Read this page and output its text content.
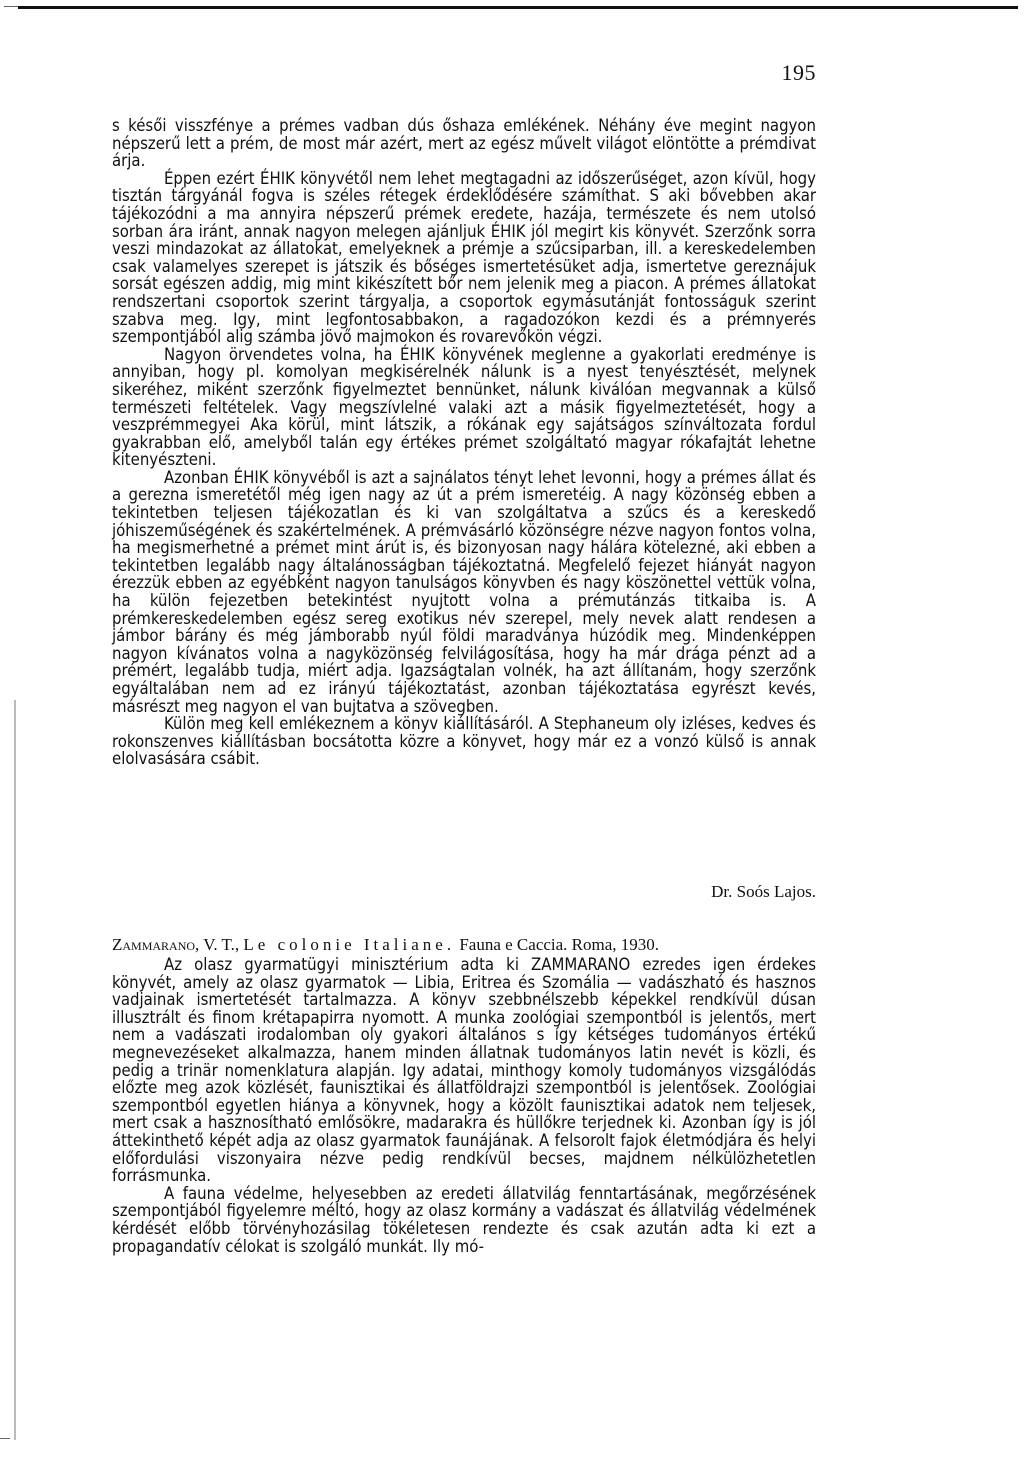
195

s késői visszfénye a prémes vadban dús őshaza emlékének. Néhány éve megint nagyon népszerű lett a prém, de most már azért, mert az egész művelt világot elöntötte a prémdivat árja.

Éppen ezért ÉHIK könyvétől nem lehet megtagadni az időszerűséget, azon kívül, hogy tisztán tárgyánál fogva is széles rétegek érdeklődésére számíthat. S aki bővebben akar tájékozódni a ma annyira népszerű prémek eredete, hazája, természete és nem utolsó sorban ára iránt, annak nagyon melegen ajánljuk ÉHIK jól megirt kis könyvét. Szerzőnk sorra veszi mindazokat az állatokat, emelyeknek a prémje a szűcsiparban, ill. a kereskedelemben csak valamelyes szerepet is játszik és bőséges ismertetésüket adja, ismertetve gereznájuk sorsát egészen addig, mig mint kikészített bőr nem jelenik meg a piacon. A prémes állatokat rendszertani csoportok szerint tárgyalja, a csoportok egymásutánját fontosságuk szerint szabva meg. Igy, mint legfontosabbakon, a ragadozókon kezdi és a prémnyerés szempontjából alig számba jövő majmokon és rovarevőkön végzi.

Nagyon örvendetes volna, ha ÉHIK könyvének meglenne a gyakorlati eredménye is annyiban, hogy pl. komolyan megkisérelnék nálunk is a nyest tenyésztését, melynek sikeréhez, miként szerzőnk figyelmeztet bennünket, nálunk kiválóan megvannak a külső természeti feltételek. Vagy megszívlelné valaki azt a másik figyelmeztetését, hogy a veszprémmegyei Aka körül, mint látszik, a rókának egy sajátságos színváltozata fordul gyakrabban elő, amelyből talán egy értékes prémet szolgáltató magyar rókafajtát lehetne kitenyészteni.

Azonban ÉHIK könyvéből is azt a sajnálatos tényt lehet levonni, hogy a prémes állat és a gerezna ismeretétől még igen nagy az út a prém ismeretéig. A nagy közönség ebben a tekintetben teljesen tájékozatlan és ki van szolgáltatva a szűcs és a kereskedő jóhiszeműségének és szakértelmének. A prémvásárló közönségre nézve nagyon fontos volna, ha megismerhetné a prémet mint árút is, és bizonyosan nagy hálára kötelezné, aki ebben a tekintetben legalább nagy általánosságban tájékoztatná. Megfelelő fejezet hiányát nagyon érezzük ebben az egyébként nagyon tanulságos könyvben és nagy köszönettel vettük volna, ha külön fejezetben betekintést nyujtott volna a prémutánzás titkaiba is. A prémkereskedelemben egész sereg exotikus név szerepel, mely nevek alatt rendesen a jámbor bárány és még jámborabb nyúl földi maradványa húzódik meg. Mindenképpen nagyon kívánatos volna a nagyközönség felvilágosítása, hogy ha már drága pénzt ad a prémért, legalább tudja, miért adja. Igazságtalan volnék, ha azt állítanám, hogy szerzőnk egyáltalában nem ad ez irányú tájékoztatást, azonban tájékoztatása egyrészt kevés, másrészt meg nagyon el van bujtatva a szövegben.

Külön meg kell emlékeznem a könyv kiállításáról. A Stephaneum oly izléses, kedves és rokonszenves kiállításban bocsátotta közre a könyvet, hogy már ez a vonzó külső is annak elolvasására csábit.

Dr. Soós Lajos.
Zammarano, V. T., Le colonie Italiane. Fauna e Caccia. Roma, 1930.

Az olasz gyarmatügyi minisztérium adta ki ZAMMARANO ezredes igen érdekes könyvét, amely az olasz gyarmatok — Libia, Eritrea és Szomália — vadászható és hasznos vadjainak ismertetését tartalmazza. A könyv szebbnélszebb képekkel rendkívül dúsan illusztrált és finom krétapapirra nyomott. A munka zoológiai szempontból is jelentős, mert nem a vadászati irodalomban oly gyakori általános s így kétséges tudományos értékű megnevezéseket alkalmazza, hanem minden állatnak tudományos latin nevét is közli, és pedig a trinär nomenklatura alapján. Igy adatai, minthogy komoly tudományos vizsgálódás előzte meg azok közlését, faunisztikai és állatföldrajzi szempontból is jelentősek. Zoológiai szempontból egyetlen hiánya a könyvnek, hogy a közölt faunisztikai adatok nem teljesek, mert csak a hasznosítható emlősökre, madarakra és hüllőkre terjednek ki. Azonban így is jól áttekinthető képét adja az olasz gyarmatok faunájának. A felsorolt fajok életmódjára és helyi előfordulási viszonyaira nézve pedig rendkívül becses, majdnem nélkülözhetetlen forrásmunka.

A fauna védelme, helyesebben az eredeti állatvilág fenntartásának, megőrzésének szempontjából figyelemre méltó, hogy az olasz kormány a vadászat és állatvilág védelmének kérdését előbb törvényhozásilag tökéletesen rendezte és csak azután adta ki ezt a propagandatív célokat is szolgáló munkát. Ily mó-
